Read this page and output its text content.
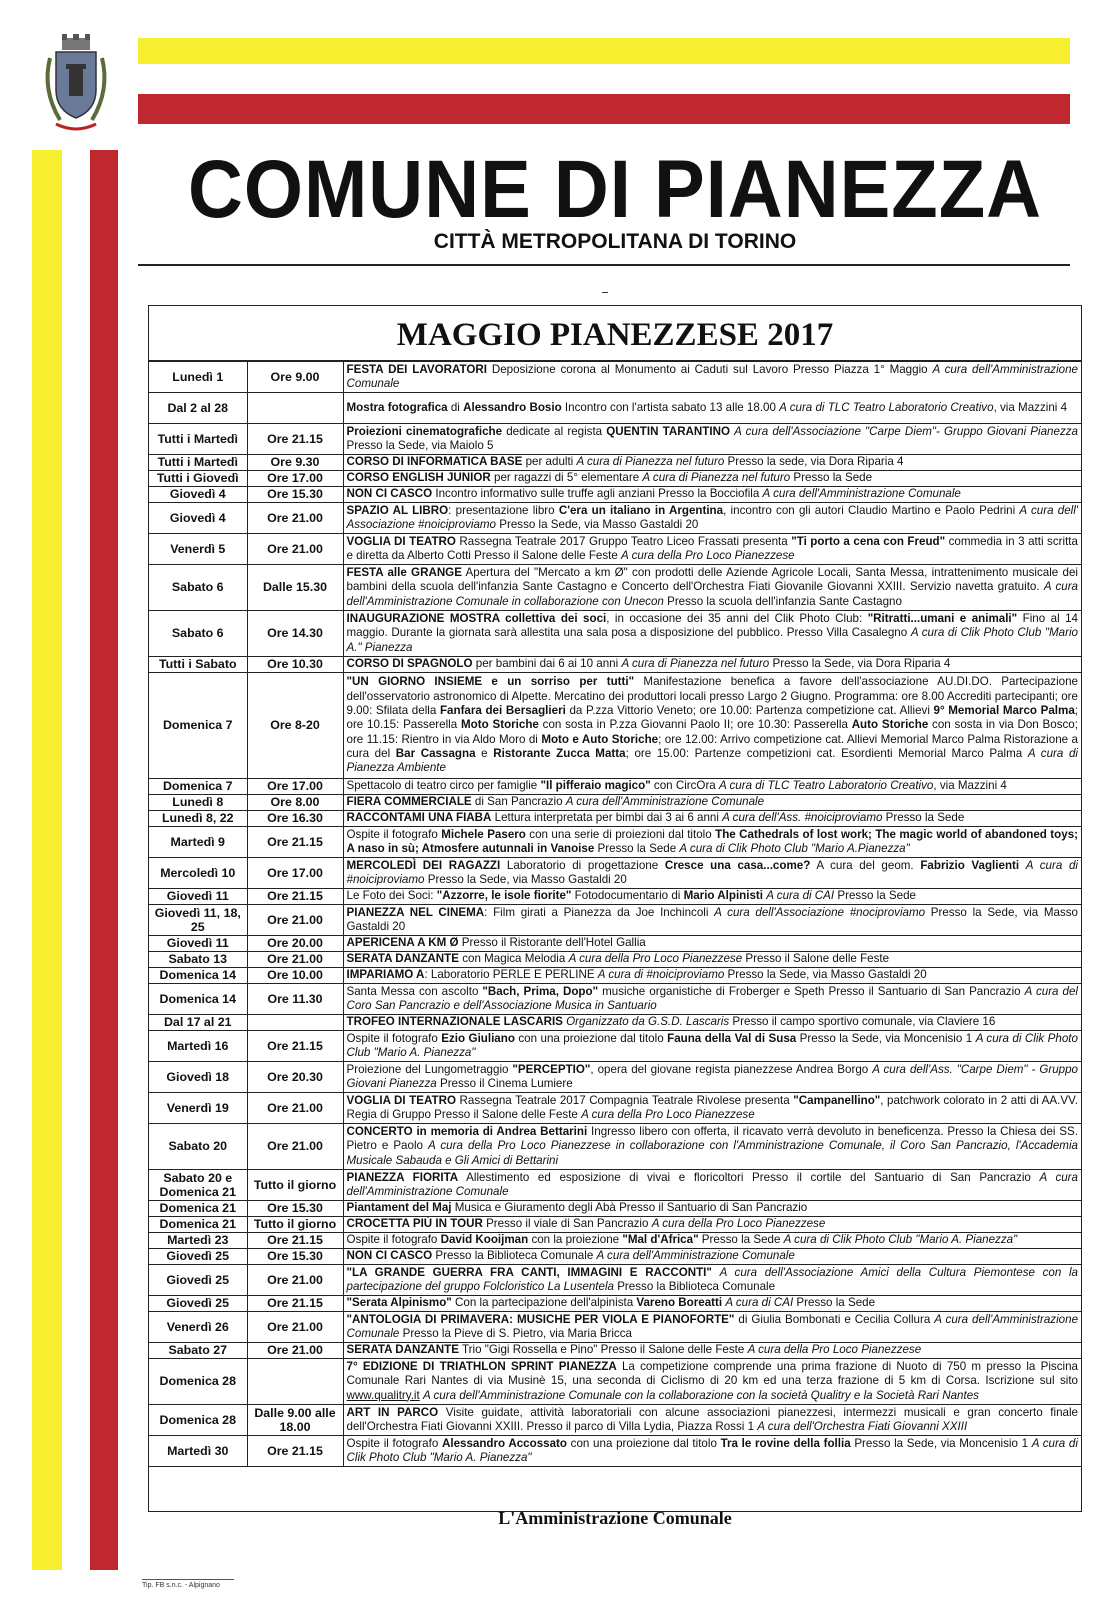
COMUNE DI PIANEZZA
CITTÀ METROPOLITANA DI TORINO
MAGGIO PIANEZZESE 2017
Lunedì 1	Ore 9.00	FESTA DEI LAVORATORI Deposizione corona al Monumento ai Caduti sul Lavoro Presso Piazza 1° Maggio A cura dell'Amministrazione Comunale
Dal 2 al 28		Mostra fotografica di Alessandro Bosio Incontro con l'artista sabato 13 alle 18.00 A cura di TLC Teatro Laboratorio Creativo, via Mazzini 4
Tutti i Martedì	Ore 21.15	Proiezioni cinematografiche dedicate al regista QUENTIN TARANTINO A cura dell'Associazione "Carpe Diem"- Gruppo Giovani Pianezza Presso la Sede, via Maiolo 5
Tutti i Martedì	Ore 9.30	CORSO DI INFORMATICA BASE per adulti A cura di Pianezza nel futuro Presso la sede, via Dora Riparia 4
Tutti i Giovedì	Ore 17.00	CORSO ENGLISH JUNIOR per ragazzi di 5° elementare A cura di Pianezza nel futuro Presso la Sede
Giovedì 4	Ore 15.30	NON CI CASCO Incontro informativo sulle truffe agli anziani Presso la Bocciofila A cura dell'Amministrazione Comunale
Giovedì 4	Ore 21.00	SPAZIO AL LIBRO: presentazione libro C'era un italiano in Argentina, incontro con gli autori Claudio Martino e Paolo Pedrini A cura dell' Associazione #noiciproviamo Presso la Sede, via Masso Gastaldi 20
Venerdì 5	Ore 21.00	VOGLIA DI TEATRO Rassegna Teatrale 2017 Gruppo Teatro Liceo Frassati presenta "Ti porto a cena con Freud" commedia in 3 atti scritta e diretta da Alberto Cotti Presso il Salone delle Feste A cura della Pro Loco Pianezzese
Sabato 6	Dalle 15.30	FESTA alle GRANGE Apertura del "Mercato a km Ø" con prodotti delle Aziende Agricole Locali, Santa Messa, intrattenimento musicale dei bambini della scuola dell'infanzia Sante Castagno e Concerto dell'Orchestra Fiati Giovanile Giovanni XXIII. Servizio navetta gratuito. A cura dell'Amministrazione Comunale in collaborazione con Unecon Presso la scuola dell'infanzia Sante Castagno
Sabato 6	Ore 14.30	INAUGURAZIONE MOSTRA collettiva dei soci, in occasione dei 35 anni del Clik Photo Club: "Ritratti...umani e animali" Fino al 14 maggio. Durante la giornata sarà allestita una sala posa a disposizione del pubblico. Presso Villa Casalegno A cura di Clik Photo Club "Mario A." Pianezza
Tutti i Sabato	Ore 10.30	CORSO DI SPAGNOLO per bambini dai 6 ai 10 anni A cura di Pianezza nel futuro Presso la Sede, via Dora Riparia 4
Domenica 7	Ore 8-20	"UN GIORNO INSIEME e un sorriso per tutti" Manifestazione benefica a favore dell'associazione AU.DI.DO. Partecipazione dell'osservatorio astronomico di Alpette. Mercatino dei produttori locali presso Largo 2 Giugno. Programma: ore 8.00 Accrediti partecipanti; ore 9.00: Sfilata della Fanfara dei Bersaglieri da P.zza Vittorio Veneto; ore 10.00: Partenza competizione cat. Allievi 9° Memorial Marco Palma; ore 10.15: Passerella Moto Storiche con sosta in P.zza Giovanni Paolo II; ore 10.30: Passerella Auto Storiche con sosta in via Don Bosco; ore 11.15: Rientro in via Aldo Moro di Moto e Auto Storiche; ore 12.00: Arrivo competizione cat. Allievi Memorial Marco Palma Ristorazione a cura del Bar Cassagna e Ristorante Zucca Matta; ore 15.00: Partenze competizioni cat. Esordienti Memorial Marco Palma A cura di Pianezza Ambiente
Domenica 7	Ore 17.00	Spettacolo di teatro circo per famiglie "Il pifferaio magico" con CircOra A cura di TLC Teatro Laboratorio Creativo, via Mazzini 4
Lunedì 8	Ore 8.00	FIERA COMMERCIALE di San Pancrazio A cura dell'Amministrazione Comunale
Lunedì 8, 22	Ore 16.30	RACCONTAMI UNA FIABA Lettura interpretata per bimbi dai 3 ai 6 anni A cura dell'Ass. #noiciproviamo Presso la Sede
Martedì 9	Ore 21.15	Ospite il fotografo Michele Pasero con una serie di proiezioni dal titolo The Cathedrals of lost work; The magic world of abandoned toys; A naso in sù; Atmosfere autunnali in Vanoise Presso la Sede A cura di Clik Photo Club "Mario A.Pianezza"
Mercoledì 10	Ore 17.00	MERCOLEDÌ DEI RAGAZZI Laboratorio di progettazione Cresce una casa...come? A cura del geom. Fabrizio Vaglienti A cura di #noiciproviamo Presso la Sede, via Masso Gastaldi 20
Giovedì 11	Ore 21.15	Le Foto dei Soci: "Azzorre, le isole fiorite" Fotodocumentario di Mario Alpinisti A cura di CAI Presso la Sede
Giovedì 11, 18, 25	Ore 21.00	PIANEZZA NEL CINEMA: Film girati a Pianezza da Joe Inchincoli A cura dell'Associazione #nociproviamo Presso la Sede, via Masso Gastaldi 20
Giovedì 11	Ore 20.00	APERICENA A KM Ø Presso il Ristorante dell'Hotel Gallia
Sabato 13	Ore 21.00	SERATA DANZANTE con Magica Melodia A cura della Pro Loco Pianezzese Presso il Salone delle Feste
Domenica 14	Ore 10.00	IMPARIAMO A: Laboratorio PERLE E PERLINE A cura di #noiciproviamo Presso la Sede, via Masso Gastaldi 20
Domenica 14	Ore 11.30	Santa Messa con ascolto "Bach, Prima, Dopo" musiche organistiche di Froberger e Speth Presso il Santuario di San Pancrazio A cura del Coro San Pancrazio e dell'Associazione Musica in Santuario
Dal 17 al 21		TROFEO INTERNAZIONALE LASCARIS Organizzato da G.S.D. Lascaris Presso il campo sportivo comunale, via Claviere 16
Martedì 16	Ore 21.15	Ospite il fotografo Ezio Giuliano con una proiezione dal titolo Fauna della Val di Susa Presso la Sede, via Moncenisio 1 A cura di Clik Photo Club "Mario A. Pianezza"
Giovedì 18	Ore 20.30	Proiezione del Lungometraggio "PERCEPTIO", opera del giovane regista pianezzese Andrea Borgo A cura dell'Ass. "Carpe Diem" - Gruppo Giovani Pianezza Presso il Cinema Lumiere
Venerdì 19	Ore 21.00	VOGLIA DI TEATRO Rassegna Teatrale 2017 Compagnia Teatrale Rivolese presenta "Campanellino", patchwork colorato in 2 atti di AA.VV. Regia di Gruppo Presso il Salone delle Feste A cura della Pro Loco Pianezzese
Sabato 20	Ore 21.00	CONCERTO in memoria di Andrea Bettarini Ingresso libero con offerta, il ricavato verrà devoluto in beneficenza. Presso la Chiesa dei SS. Pietro e Paolo A cura della Pro Loco Pianezzese in collaborazione con l'Amministrazione Comunale, il Coro San Pancrazio, l'Accademia Musicale Sabauda e Gli Amici di Bettarini
Sabato 20 e Domenica 21	Tutto il giorno	PIANEZZA FIORITA Allestimento ed esposizione di vivai e floricoltori Presso il cortile del Santuario di San Pancrazio A cura dell'Amministrazione Comunale
Domenica 21	Ore 15.30	Piantament del Maj Musica e Giuramento degli Abà Presso il Santuario di San Pancrazio
Domenica 21	Tutto il giorno	CROCETTA PIÚ IN TOUR Presso il viale di San Pancrazio A cura della Pro Loco Pianezzese
Martedì 23	Ore 21.15	Ospite il fotografo David Kooijman con la proiezione "Mal d'Africa" Presso la Sede A cura di Clik Photo Club "Mario A. Pianezza"
Giovedì 25	Ore 15.30	NON CI CASCO Presso la Biblioteca Comunale A cura dell'Amministrazione Comunale
Giovedì 25	Ore 21.00	"LA GRANDE GUERRA FRA CANTI, IMMAGINI E RACCONTI" A cura dell'Associazione Amici della Cultura Piemontese con la partecipazione del gruppo Folcloristico La Lusentela Presso la Biblioteca Comunale
Giovedì 25	Ore 21.15	"Serata Alpinismo" Con la partecipazione dell'alpinista Vareno Boreatti A cura di CAI Presso la Sede
Venerdì 26	Ore 21.00	"ANTOLOGIA DI PRIMAVERA: MUSICHE PER VIOLA E PIANOFORTE" di Giulia Bombonati e Cecilia Collura A cura dell'Amministrazione Comunale Presso la Pieve di S. Pietro, via Maria Bricca
Sabato 27	Ore 21.00	SERATA DANZANTE Trio "Gigi Rossella e Pino" Presso il Salone delle Feste A cura della Pro Loco Pianezzese
Domenica 28		7° EDIZIONE DI TRIATHLON SPRINT PIANEZZA La competizione comprende una prima frazione di Nuoto di 750 m presso la Piscina Comunale Rari Nantes di via Musinè 15, una seconda di Ciclismo di 20 km ed una terza frazione di 5 km di Corsa. Iscrizione sul sito www.qualitry.it A cura dell'Amministrazione Comunale con la collaborazione con la società Qualitry e la Società Rari Nantes
Domenica 28	Dalle 9.00 alle 18.00	ART IN PARCO Visite guidate, attività laboratoriali con alcune associazioni pianezzesi, intermezzi musicali e gran concerto finale dell'Orchestra Fiati Giovanni XXIII. Presso il parco di Villa Lydia, Piazza Rossi 1 A cura dell'Orchestra Fiati Giovanni XXIII
Martedì 30	Ore 21.15	Ospite il fotografo Alessandro Accossato con una proiezione dal titolo Tra le rovine della follia Presso la Sede, via Moncenisio 1 A cura di Clik Photo Club "Mario A. Pianezza"
L'Amministrazione Comunale
Tip. FB s.n.c. - Alpignano
